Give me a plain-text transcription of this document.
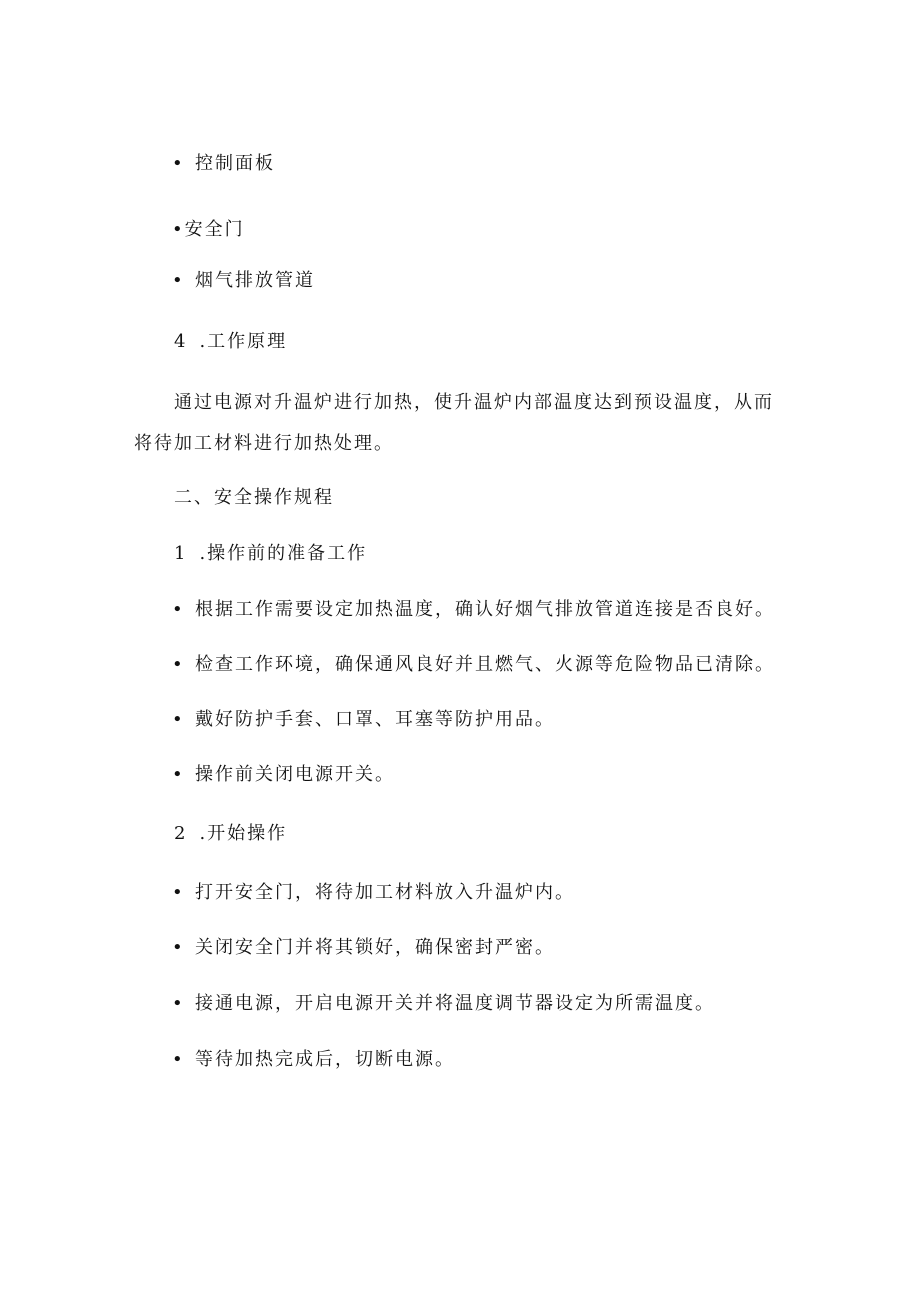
• 控制面板
•安全门
• 烟气排放管道
4 .工作原理
通过电源对升温炉进行加热，使升温炉内部温度达到预设温度，从而
将待加工材料进行加热处理。
二、安全操作规程
1 .操作前的准备工作
• 根据工作需要设定加热温度，确认好烟气排放管道连接是否良好。
• 检查工作环境，确保通风良好并且燃气、火源等危险物品已清除。
• 戴好防护手套、口罩、耳塞等防护用品。
• 操作前关闭电源开关。
2 .开始操作
• 打开安全门，将待加工材料放入升温炉内。
• 关闭安全门并将其锁好，确保密封严密。
• 接通电源，开启电源开关并将温度调节器设定为所需温度。
• 等待加热完成后，切断电源。
